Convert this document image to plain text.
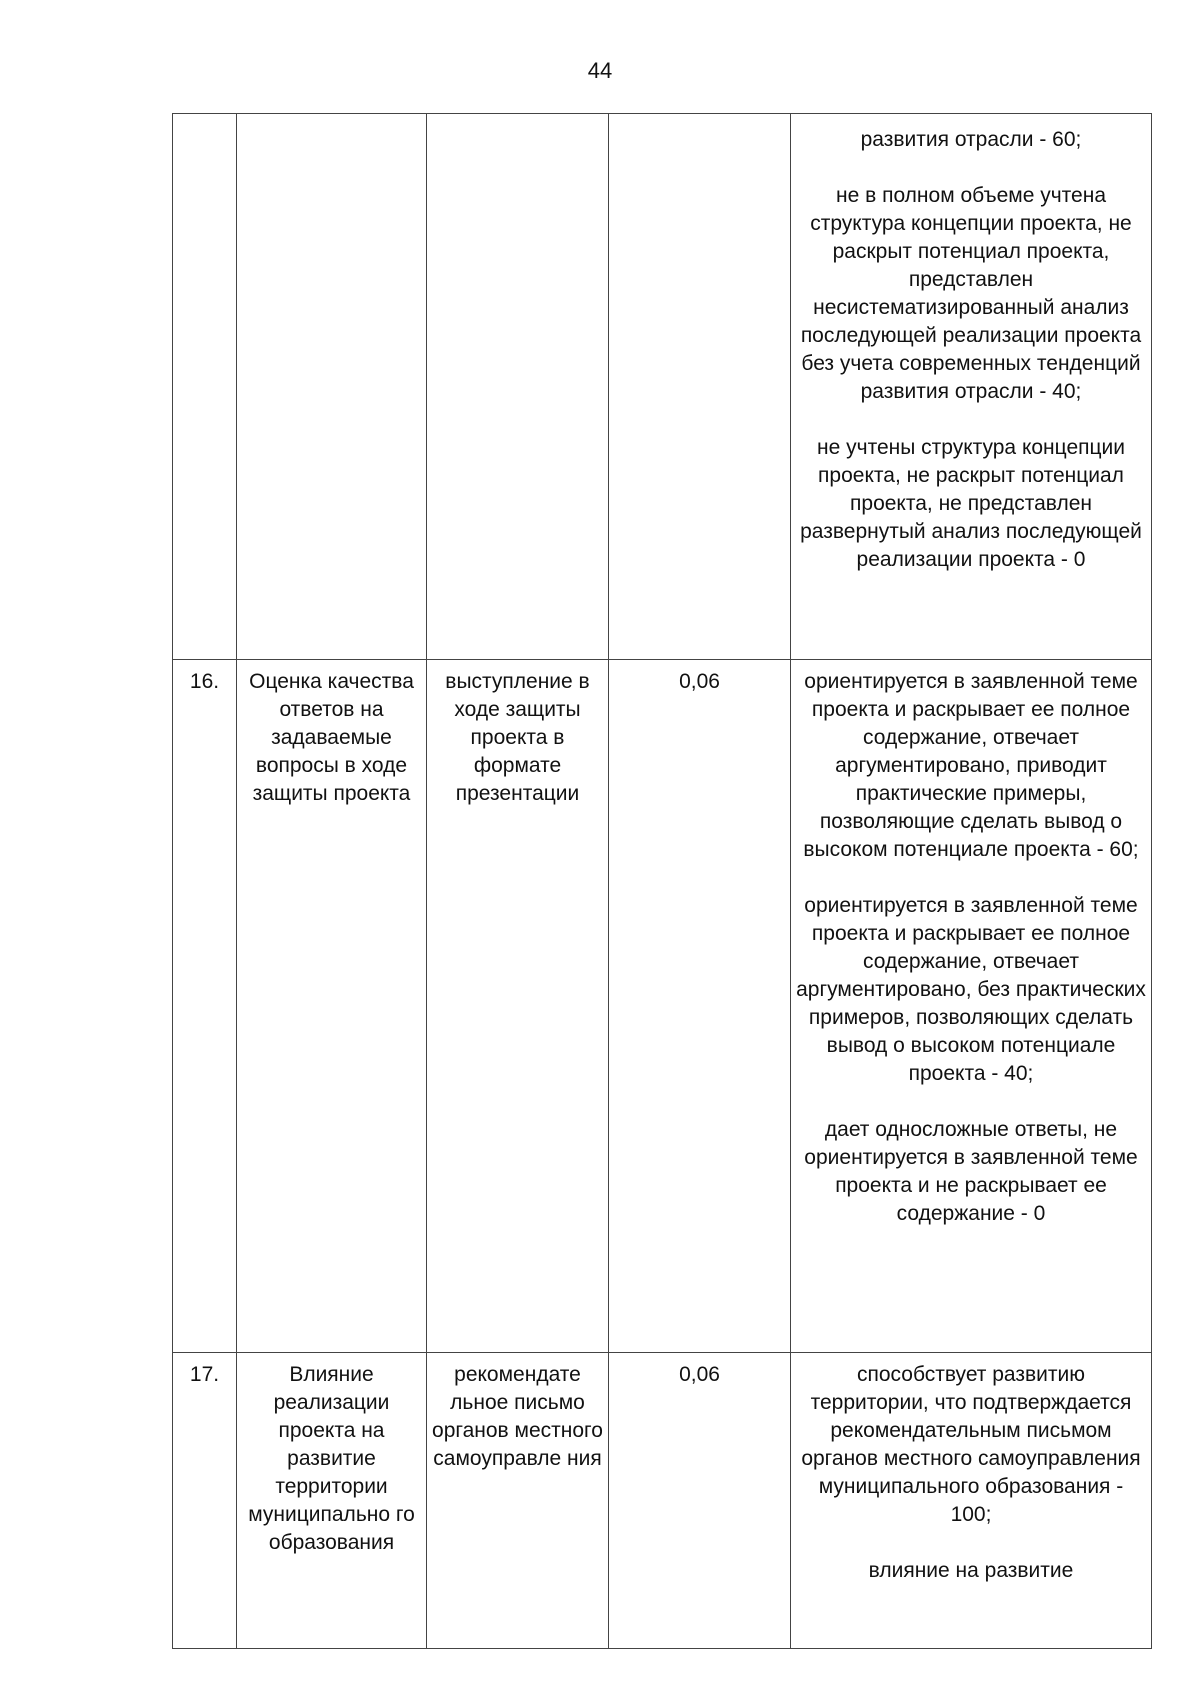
44

				развития отрасли - 60;
не в полном объеме учтена структура концепции проекта, не раскрыт потенциал проекта, представлен несистематизированный анализ последующей реализации проекта без учета современных тенденций развития отрасли - 40;
не учтены структура концепции проекта, не раскрыт потенциал проекта, не представлен развернутый анализ последующей реализации проекта - 0

16.	Оценка качества ответов на задаваемые вопросы в ходе защиты проекта	выступление в ходе защиты проекта в формате презентации	0,06	ориентируется в заявленной теме проекта и раскрывает ее полное содержание, отвечает аргументировано, приводит практические примеры, позволяющие сделать вывод о высоком потенциале проекта - 60;
ориентируется в заявленной теме проекта и раскрывает ее полное содержание, отвечает аргументировано, без практических примеров, позволяющих сделать вывод о высоком потенциале проекта - 40;
дает односложные ответы, не ориентируется в заявленной теме проекта и не раскрывает ее содержание - 0

17.	Влияние реализации проекта на развитие территории муниципально го образования	рекомендате льное письмо органов местного самоуправле ния	0,06	способствует развитию территории, что подтверждается рекомендательным письмом органов местного самоуправления муниципального образования - 100;
влияние на развитие
